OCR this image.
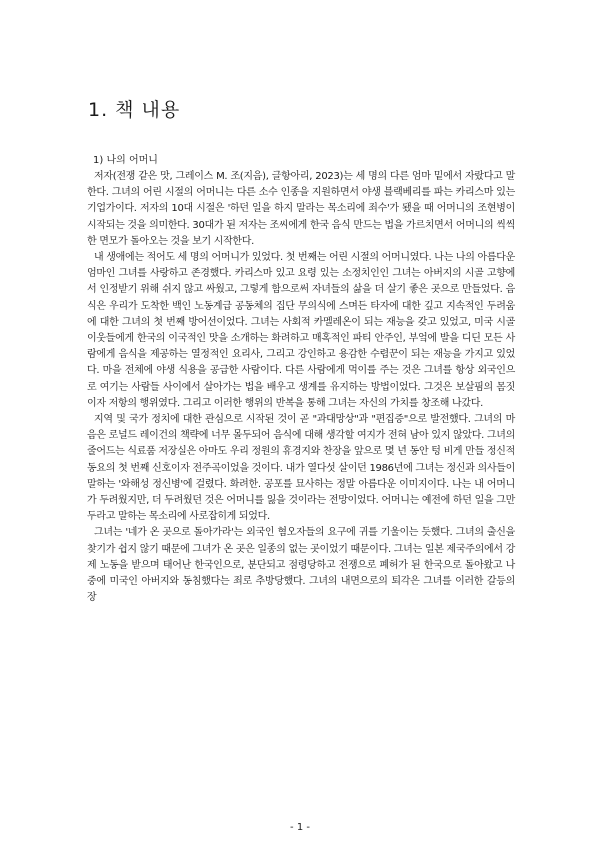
1. 책 내용
1) 나의 어머니

저자(전쟁 같은 맛, 그레이스 M. 조(지음), 글항아리, 2023)는 세 명의 다른 엄마 밑에서 자랐다고 말한다. 그녀의 어린 시절의 어머니는 다른 소수 인종을 지원하면서 야생 블랙베리를 파는 카리스마 있는 기업가이다. 저자의 10대 시절은 '하던 일을 하지 말라는 목소리에 죄수'가 됐을 때 어머니의 조현병이 시작되는 것을 의미한다. 30대가 된 저자는 조씨에게 한국 음식 만드는 법을 가르치면서 어머니의 씩씩한 면모가 돌아오는 것을 보기 시작한다.

내 생애에는 적어도 세 명의 어머니가 있었다. 첫 번째는 어린 시절의 어머니였다. 나는 나의 아름다운 엄마인 그녀를 사랑하고 존경했다. 카리스마 있고 요령 있는 소정치인인 그녀는 아버지의 시골 고향에서 인정받기 위해 쉬지 않고 싸웠고, 그렇게 함으로써 자녀들의 삶을 더 살기 좋은 곳으로 만들었다. 음식은 우리가 도착한 백인 노동계급 공동체의 집단 무의식에 스며든 타자에 대한 깊고 지속적인 두려움에 대한 그녀의 첫 번째 방어선이었다. 그녀는 사회적 카멜레온이 되는 재능을 갖고 있었고, 미국 시골 이웃들에게 한국의 이국적인 맛을 소개하는 화려하고 매혹적인 파티 안주인, 부엌에 발을 디딘 모든 사람에게 음식을 제공하는 열정적인 요리사, 그리고 강인하고 용감한 수렵꾼이 되는 재능을 가지고 있었다. 마을 전체에 야생 식용을 공급한 사람이다. 다른 사람에게 먹이를 주는 것은 그녀를 항상 외국인으로 여기는 사람들 사이에서 살아가는 법을 배우고 생계를 유지하는 방법이었다. 그것은 보살핌의 몸짓이자 저항의 행위였다. 그리고 이러한 행위의 반복을 통해 그녀는 자신의 가치를 창조해 나갔다.

지역 및 국가 정치에 대한 관심으로 시작된 것이 곧 "과대망상"과 "편집증"으로 발전했다. 그녀의 마음은 로널드 레이건의 책략에 너무 몰두되어 음식에 대해 생각할 여지가 전혀 남아 있지 않았다. 그녀의 줄어드는 식료품 저장실은 아마도 우리 정원의 휴경지와 찬장을 앞으로 몇 년 동안 텅 비게 만들 정신적 동요의 첫 번째 신호이자 전주곡이었을 것이다. 내가 열다섯 살이던 1986년에 그녀는 정신과 의사들이 말하는 '와해성 정신병'에 걸렸다. 화려한. 공포를 묘사하는 정말 아름다운 이미지이다. 나는 내 어머니가 두려웠지만, 더 두려웠던 것은 어머니를 잃을 것이라는 전망이었다. 어머니는 예전에 하던 일을 그만 두라고 말하는 목소리에 사로잡히게 되었다.

그녀는 '네가 온 곳으로 돌아가라'는 외국인 혐오자들의 요구에 귀를 기울이는 듯했다. 그녀의 출신을 찾기가 쉽지 않기 때문에 그녀가 온 곳은 일종의 없는 곳이었기 때문이다. 그녀는 일본 제국주의에서 강제 노동을 받으며 태어난 한국인으로, 분단되고 점령당하고 전쟁으로 폐허가 된 한국으로 돌아왔고 나중에 미국인 아버지와 동침했다는 죄로 추방당했다. 그녀의 내면으로의 퇴각은 그녀를 이러한 갈등의 장

- 1 -
